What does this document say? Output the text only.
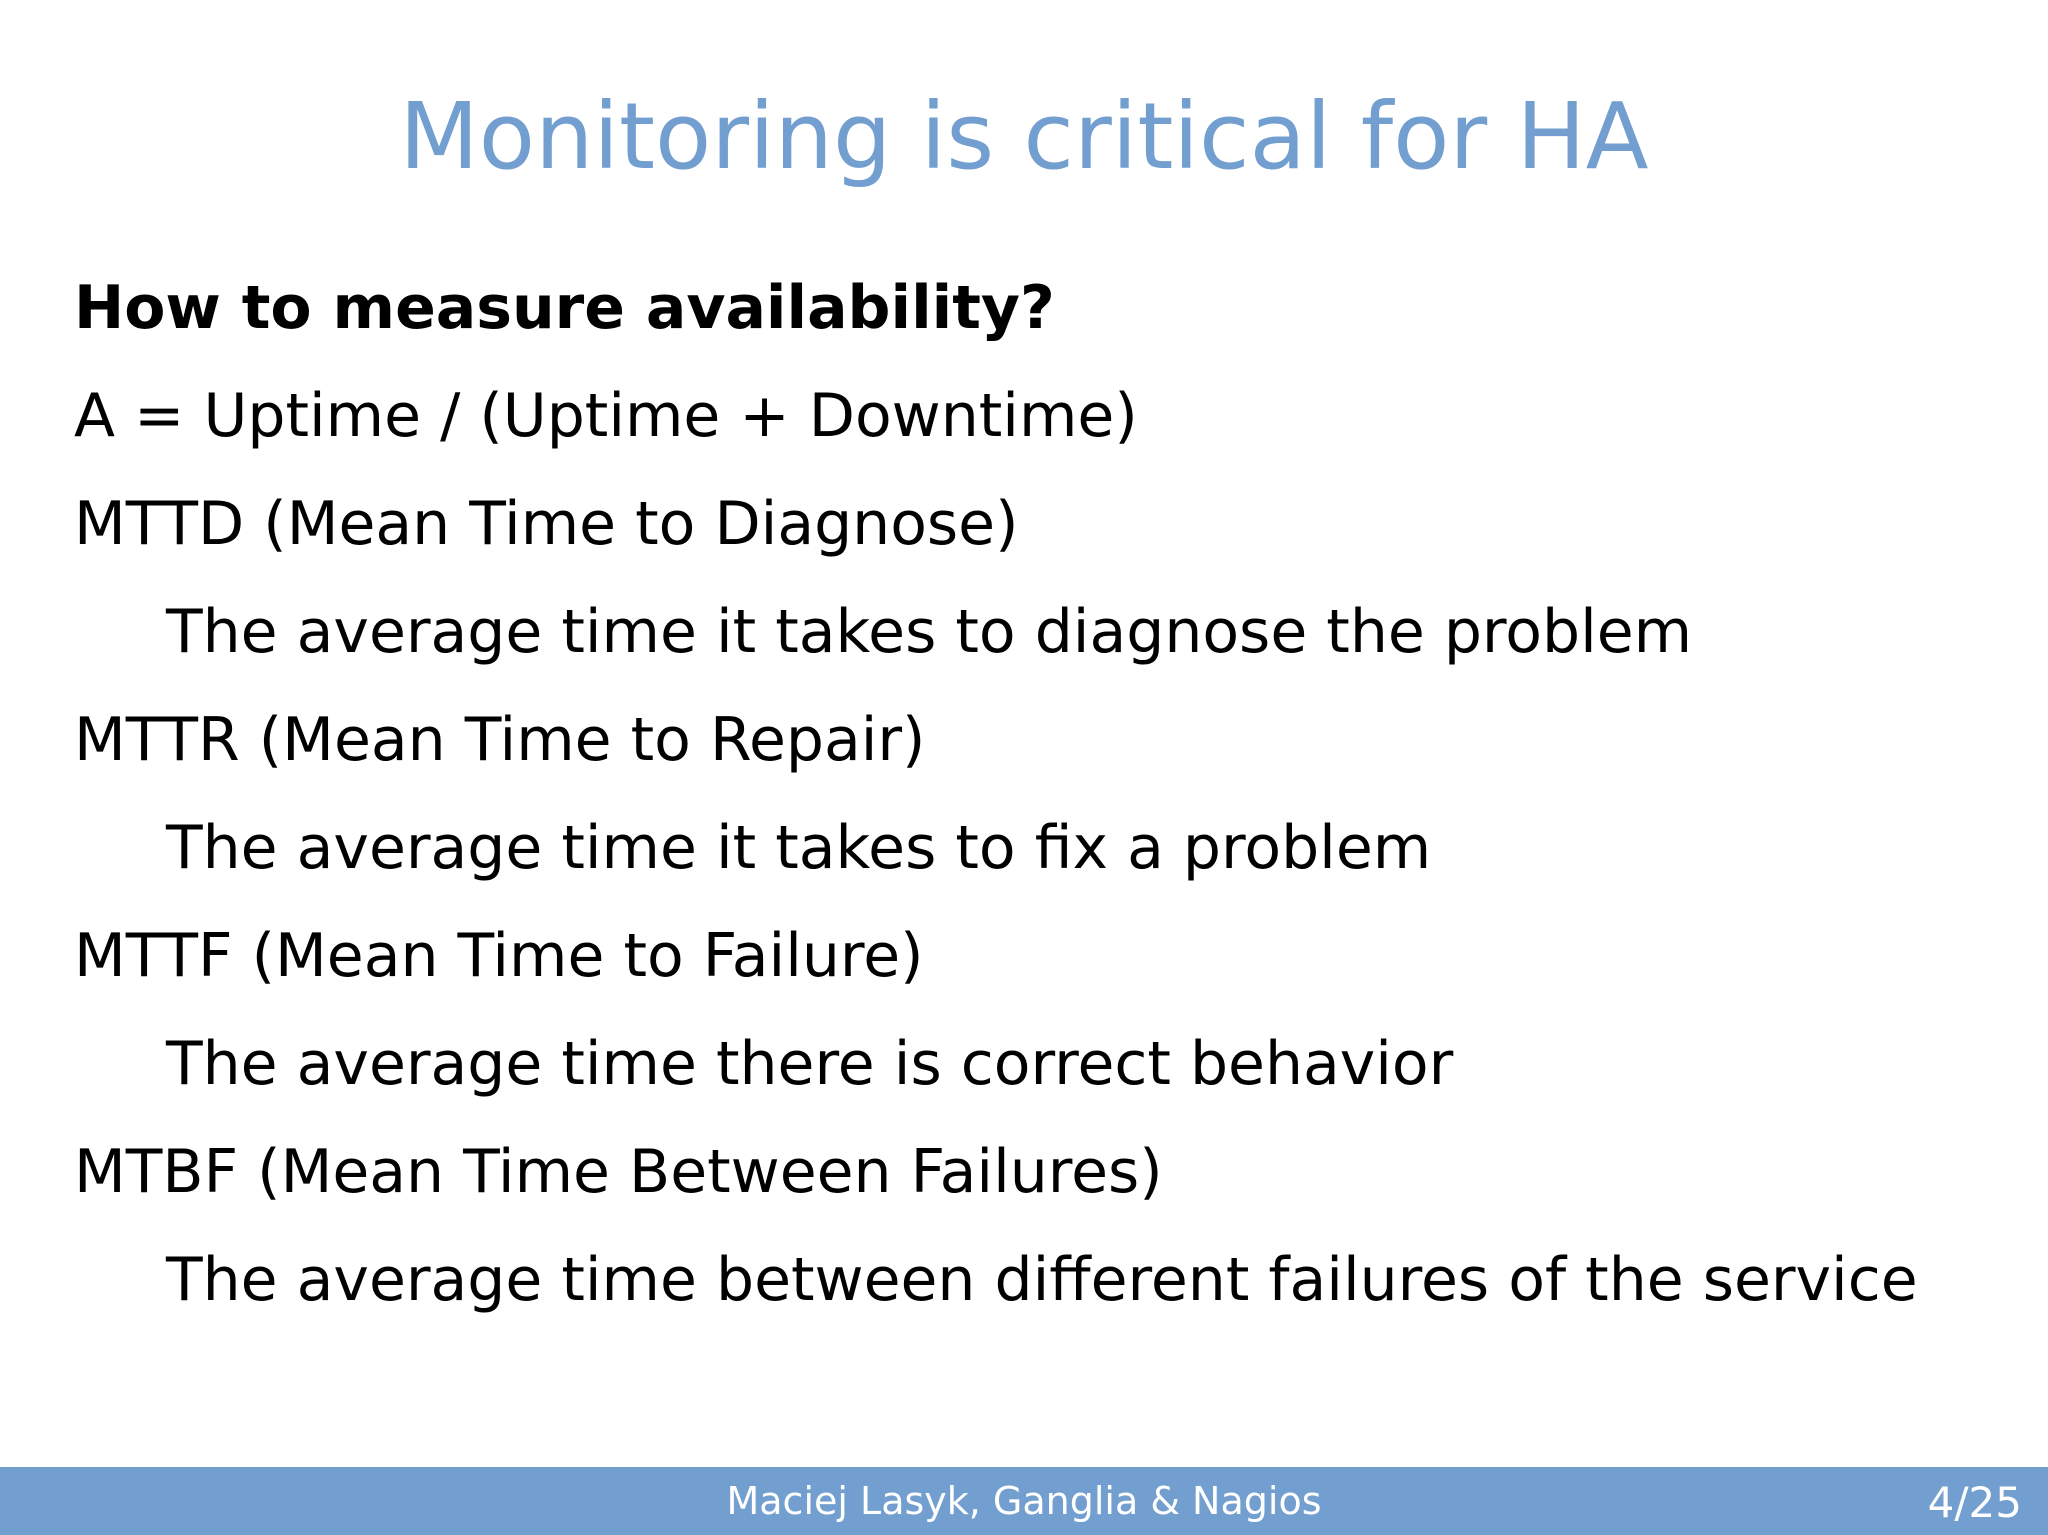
Monitoring is critical for HA
How to measure availability?
A = Uptime / (Uptime + Downtime)
MTTD (Mean Time to Diagnose)
The average time it takes to diagnose the problem
MTTR (Mean Time to Repair)
The average time it takes to fix a problem
MTTF (Mean Time to Failure)
The average time there is correct behavior
MTBF (Mean Time Between Failures)
The average time between different failures of the service
Maciej Lasyk, Ganglia & Nagios	4/25
